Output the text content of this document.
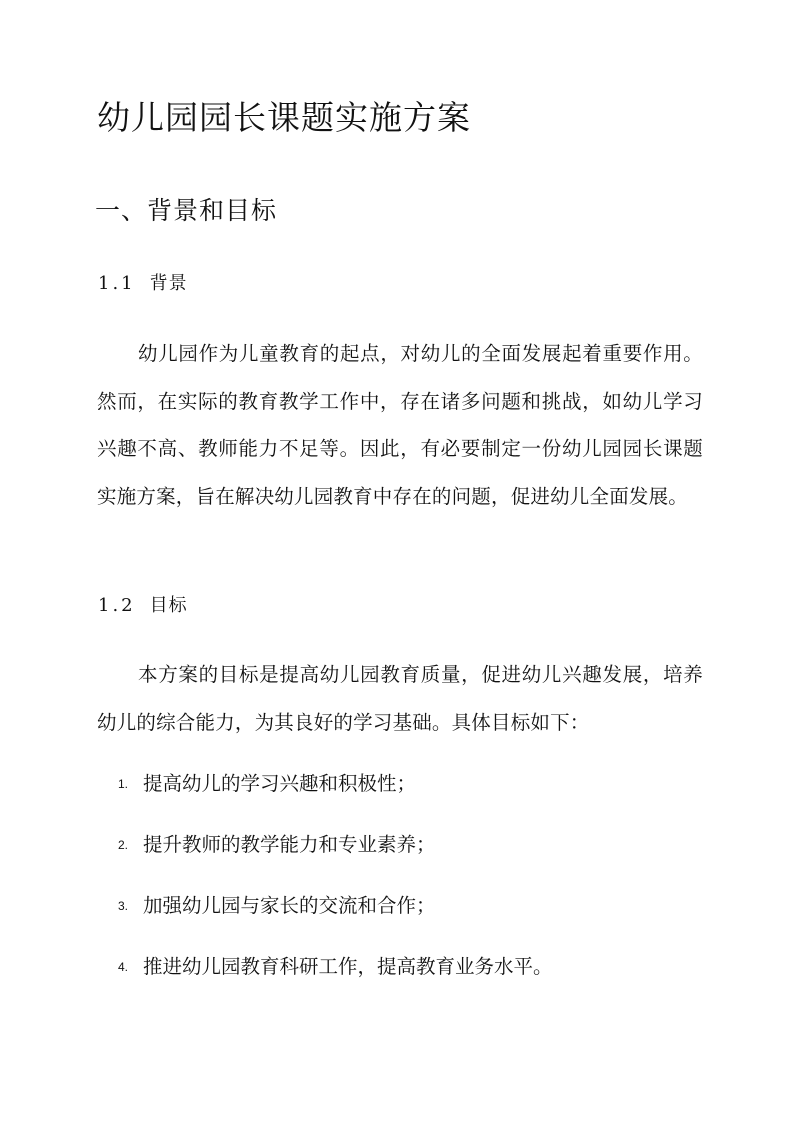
幼儿园园长课题实施方案
一、背景和目标
1.1 背景

幼儿园作为儿童教育的起点，对幼儿的全面发展起着重要作用。然而，在实际的教育教学工作中，存在诸多问题和挑战，如幼儿学习兴趣不高、教师能力不足等。因此，有必要制定一份幼儿园园长课题实施方案，旨在解决幼儿园教育中存在的问题，促进幼儿全面发展。

1.2 目标

本方案的目标是提高幼儿园教育质量，促进幼儿兴趣发展，培养幼儿的综合能力，为其良好的学习基础。具体目标如下：

1. 提高幼儿的学习兴趣和积极性；
2. 提升教师的教学能力和专业素养；
3. 加强幼儿园与家长的交流和合作；
4. 推进幼儿园教育科研工作，提高教育业务水平。
